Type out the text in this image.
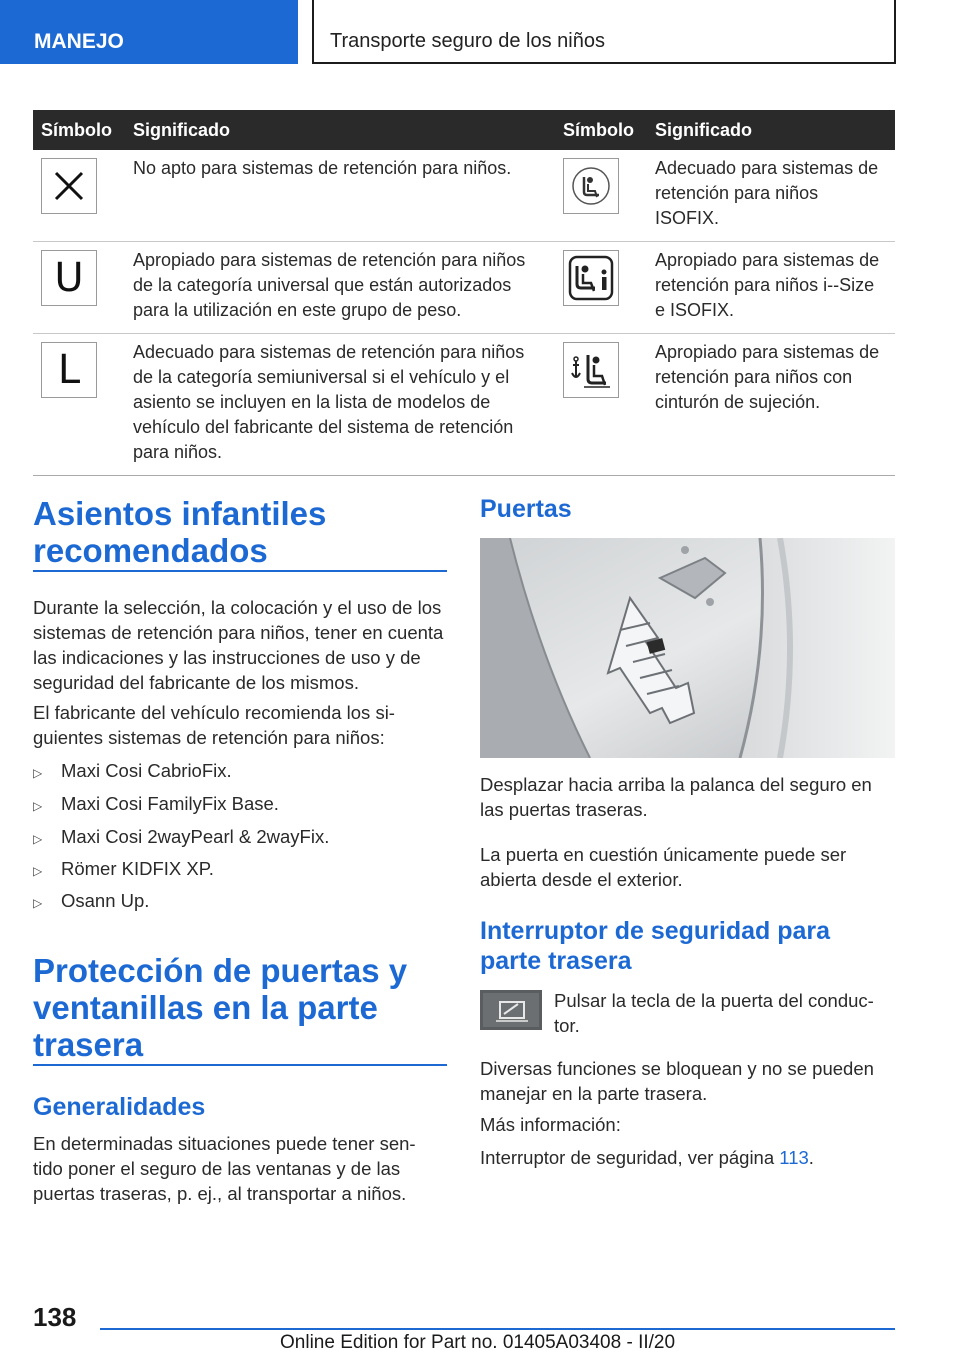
MANEJO	Transporte seguro de los niños
Símbolo	Significado	Símbolo	Significado

	No apto para sistemas de retención para niños.		Adecuado para sistemas de retención para niños ISOFIX.

U	Apropiado para sistemas de retención para niños de la categoría universal que están autorizados para la utilización en este grupo de peso.		Apropiado para sistemas de retención para niños i--Size e ISOFIX.

L	Adecuado para sistemas de retención para niños de la categoría semiuniversal si el vehículo y el asiento se incluyen en la lista de modelos de vehículo del fabricante del sistema de retención para niños.		Apropiado para sistemas de retención para niños con cinturón de sujeción.
Asientos infantiles recomendados
Durante la selección, la colocación y el uso de los sistemas de retención para niños, tener en cuenta las indicaciones y las instrucciones de uso y de seguridad del fabricante de los mismos.
El fabricante del vehículo recomienda los si- guientes sistemas de retención para niños:
▷ Maxi Cosi CabrioFix.
▷ Maxi Cosi FamilyFix Base.
▷ Maxi Cosi 2wayPearl & 2wayFix.
▷ Römer KIDFIX XP.
▷ Osann Up.
Protección de puertas y ventanillas en la parte trasera
Generalidades
En determinadas situaciones puede tener sen- tido poner el seguro de las ventanas y de las puertas traseras, p. ej., al transportar a niños.
Puertas
Desplazar hacia arriba la palanca del seguro en las puertas traseras.
La puerta en cuestión únicamente puede ser abierta desde el exterior.
Interruptor de seguridad para parte trasera
Pulsar la tecla de la puerta del conduc- tor.
Diversas funciones se bloquean y no se pueden manejar en la parte trasera.
Más información:
Interruptor de seguridad, ver página 113.
138
Online Edition for Part no. 01405A03408 - II/20
